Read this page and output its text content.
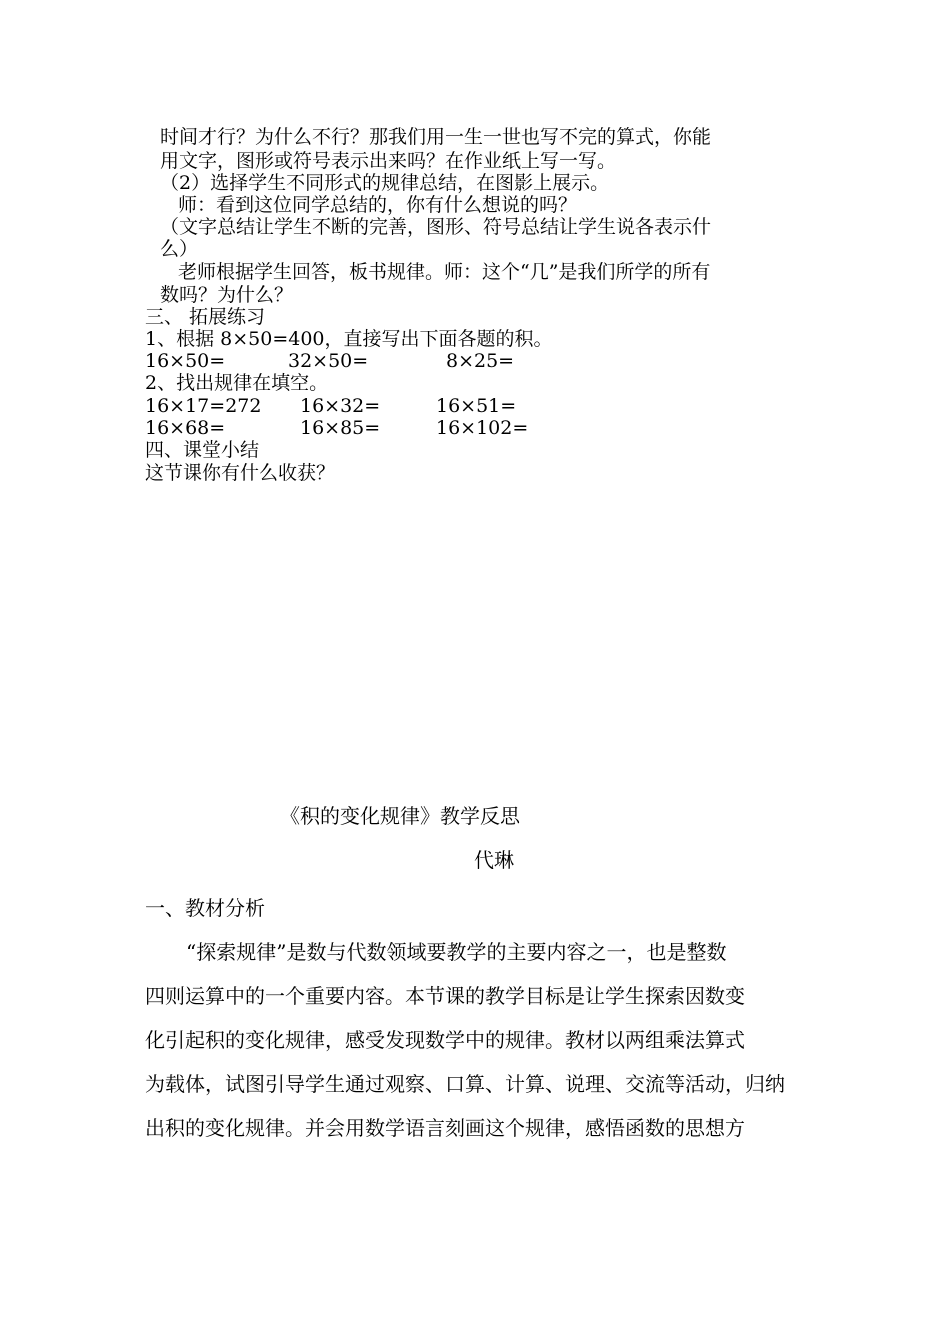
时间才行？为什么不行？那我们用一生一世也写不完的算式，你能
用文字，图形或符号表示出来吗？在作业纸上写一写。
（2）选择学生不同形式的规律总结，在图影上展示。
师：看到这位同学总结的，你有什么想说的吗？
（文字总结让学生不断的完善，图形、符号总结让学生说各表示什
么）
老师根据学生回答，板书规律。师：这个“几”是我们所学的所有
数吗？为什么？
三、 拓展练习
1、根据 8×50=400，直接写出下面各题的积。
16×50=	32×50=	8×25=
2、找出规律在填空。
16×17=272 16×32=	16×51=
16×68=	16×85=	16×102=
四、课堂小结
这节课你有什么收获？
《积的变化规律》教学反思
代琳
一、教材分析
“探索规律”是数与代数领域要教学的主要内容之一，也是整数
四则运算中的一个重要内容。本节课的教学目标是让学生探索因数变
化引起积的变化规律，感受发现数学中的规律。教材以两组乘法算式
为载体，试图引导学生通过观察、口算、计算、说理、交流等活动，归纳
出积的变化规律。并会用数学语言刻画这个规律，感悟函数的思想方
